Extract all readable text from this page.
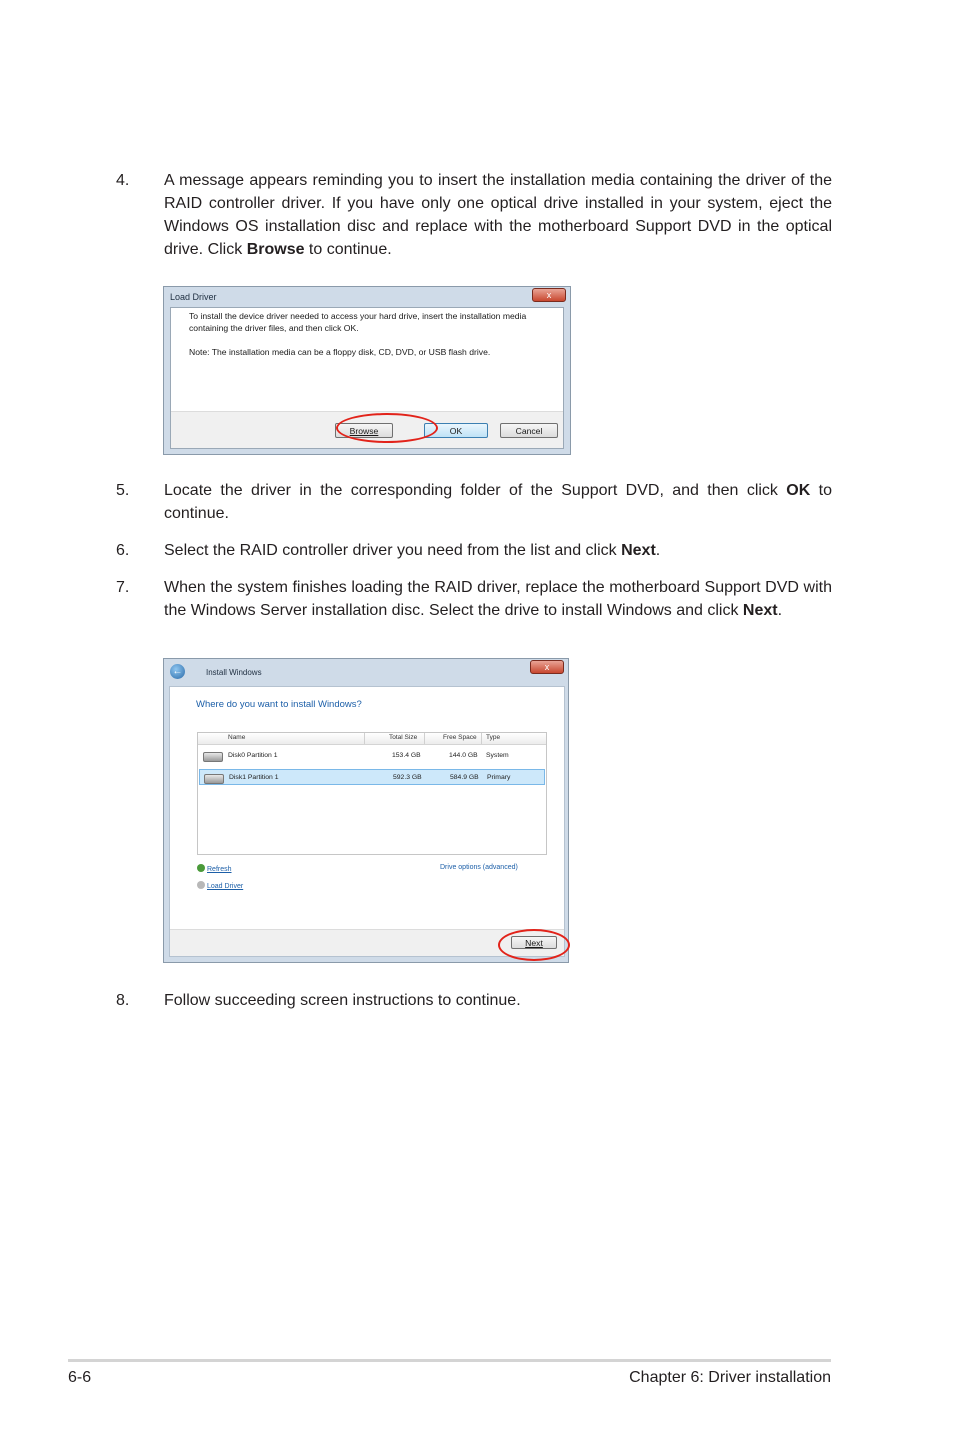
4.	A message appears reminding you to insert the installation media containing the driver of the RAID controller driver. If you have only one optical drive installed in your system, eject the Windows OS installation disc and replace with the motherboard Support DVD in the optical drive. Click Browse to continue.
Load Driver	x
To install the device driver needed to access your hard drive, insert the installation media containing the driver files, and then click OK.
Note: The installation media can be a floppy disk, CD, DVD, or USB flash drive.
Browse	OK	Cancel
5.	Locate the driver in the corresponding folder of the Support DVD, and then click OK to continue.
6.	Select the RAID controller driver you need from the list and click Next.
7.	When the system finishes loading the RAID driver, replace the motherboard Support DVD with the Windows Server installation disc. Select the drive to install Windows and click Next.
←	Install Windows
x
Where do you want to install Windows?
Name	Total Size	Free Space Type
Disk0 Partition 1	153.4 GB	144.0 GB System
Disk1 Partition 1	592.3 GB	584.9 GB Primary
Refresh	Drive options (advanced)
Load Driver
Next
8.	Follow succeeding screen instructions to continue.
6-6	Chapter 6: Driver installation
